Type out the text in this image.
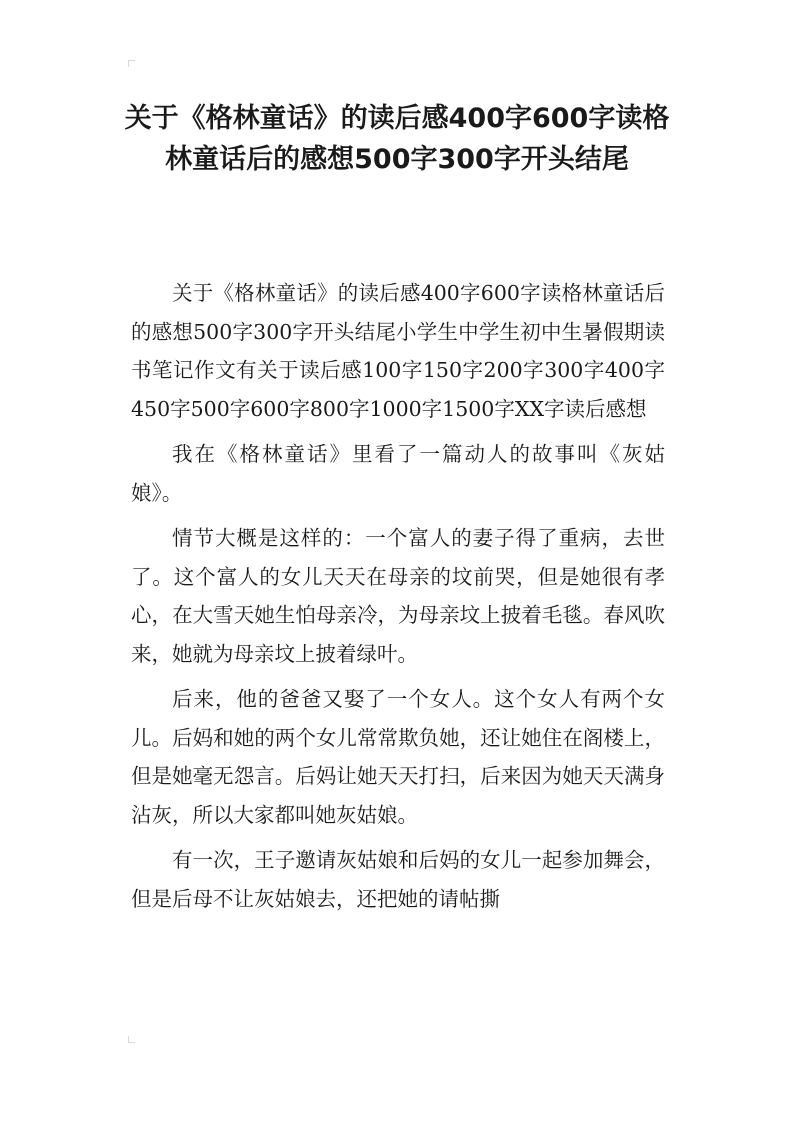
关于《格林童话》的读后感400字600字读格林童话后的感想500字300字开头结尾

关于《格林童话》的读后感400字600字读格林童话后的感想500字300字开头结尾小学生中学生初中生暑假期读书笔记作文有关于读后感100字150字200字300字400字450字500字600字800字1000字1500字XX字读后感想

我在《格林童话》里看了一篇动人的故事叫《灰姑娘》。

情节大概是这样的：一个富人的妻子得了重病，去世了。这个富人的女儿天天在母亲的坟前哭，但是她很有孝心，在大雪天她生怕母亲冷，为母亲坟上披着毛毯。春风吹来，她就为母亲坟上披着绿叶。

后来，他的爸爸又娶了一个女人。这个女人有两个女儿。后妈和她的两个女儿常常欺负她，还让她住在阁楼上，但是她毫无怨言。后妈让她天天打扫，后来因为她天天满身沾灰，所以大家都叫她灰姑娘。

有一次，王子邀请灰姑娘和后妈的女儿一起参加舞会，但是后母不让灰姑娘去，还把她的请帖撕
